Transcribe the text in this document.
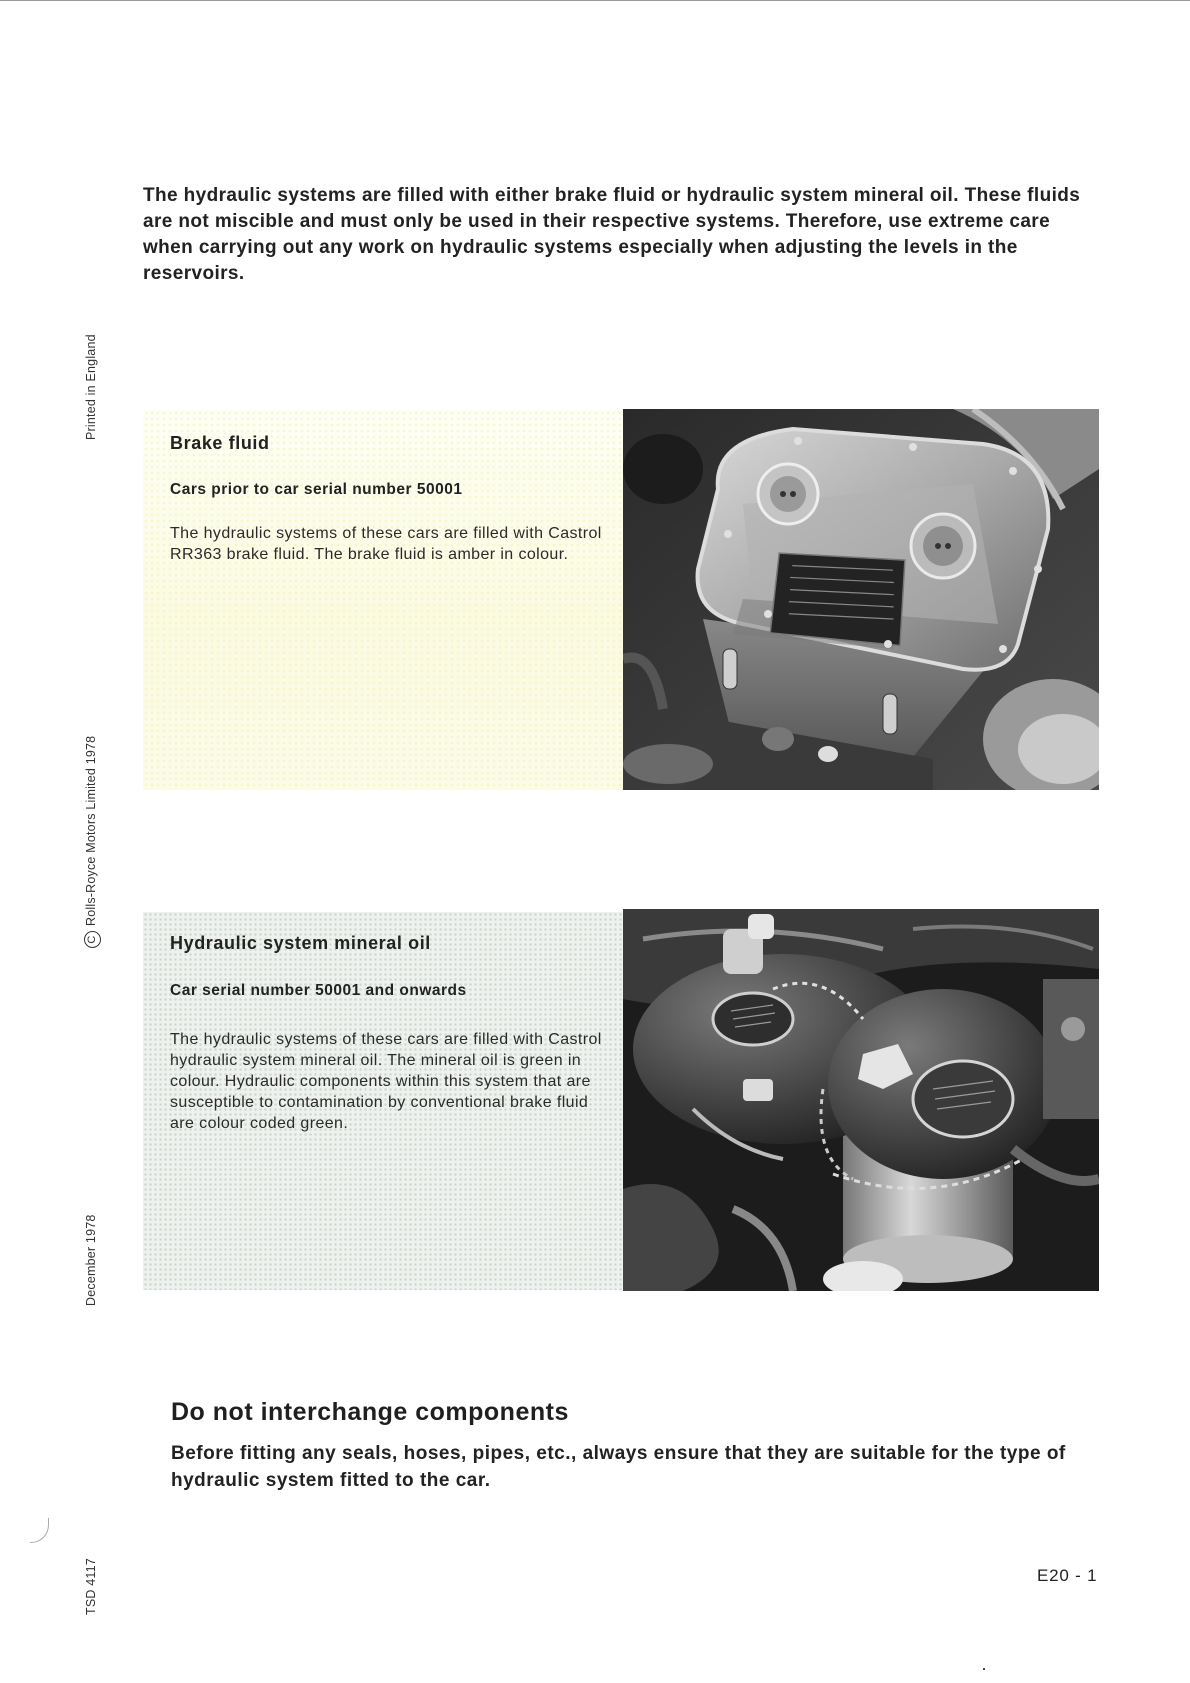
The hydraulic systems are filled with either brake fluid or hydraulic system mineral oil. These fluids are not miscible and must only be used in their respective systems. Therefore, use extreme care when carrying out any work on hydraulic systems especially when adjusting the levels in the reservoirs.
Printed in England
CRolls-Royce Motors Limited 1978
December 1978
TSD 4117
Brake fluid
Cars prior to car serial number 50001

The hydraulic systems of these cars are filled with Castrol RR363 brake fluid. The brake fluid is amber in colour.

Hydraulic system mineral oil
Car serial number 50001 and onwards

The hydraulic systems of these cars are filled with Castrol hydraulic system mineral oil. The mineral oil is green in colour. Hydraulic components within this system that are susceptible to contamination by conventional brake fluid are colour coded green.

Do not interchange components

Before fitting any seals, hoses, pipes, etc., always ensure that they are suitable for the type of hydraulic system fitted to the car.

E20 - 1
